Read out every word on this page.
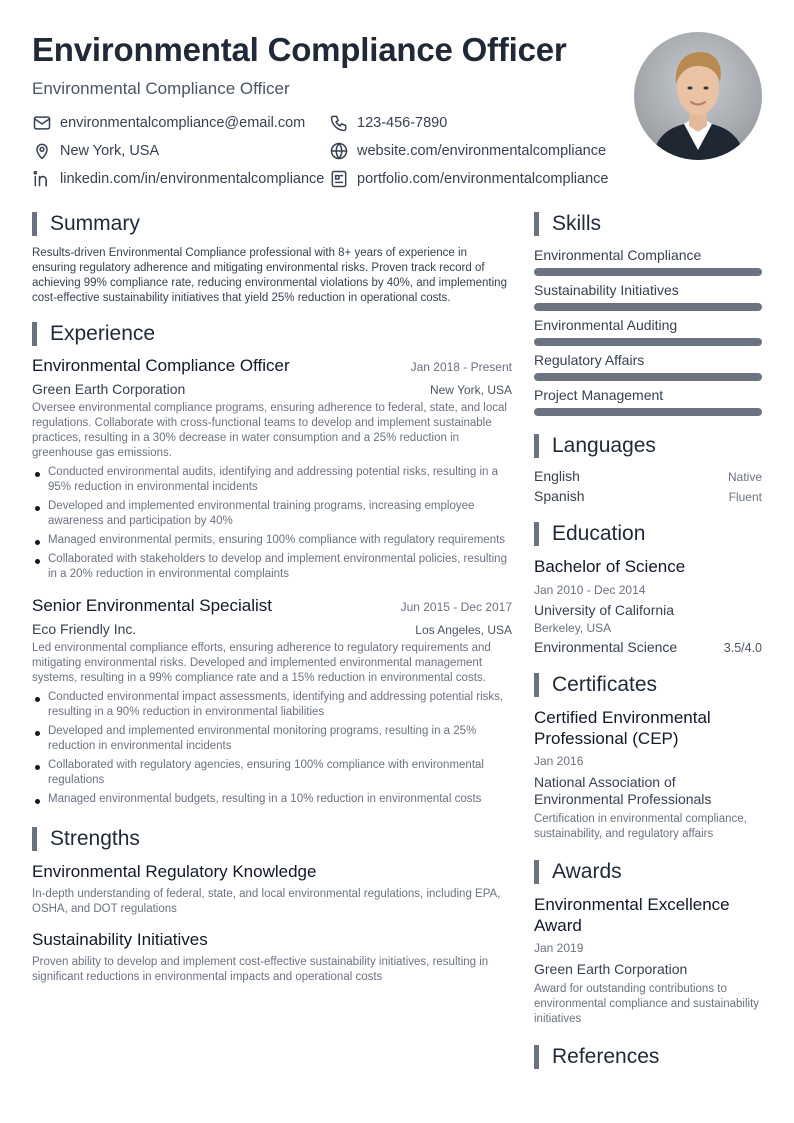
Environmental Compliance Officer
Environmental Compliance Officer
environmentalcompliance@email.com	123-456-7890
New York, USA	website.com/environmentalcompliance
linkedin.com/in/environmentalcompliance portfolio.com/environmentalcompliance
Summary
Results-driven Environmental Compliance professional with 8+ years of experience in ensuring regulatory adherence and mitigating environmental risks. Proven track record of achieving 99% compliance rate, reducing environmental violations by 40%, and implementing cost-effective sustainability initiatives that yield 25% reduction in operational costs.
Experience
Environmental Compliance Officer	Jan 2018 - Present
Green Earth Corporation	New York, USA
Oversee environmental compliance programs, ensuring adherence to federal, state, and local regulations. Collaborate with cross-functional teams to develop and implement sustainable practices, resulting in a 30% decrease in water consumption and a 25% reduction in greenhouse gas emissions.
Conducted environmental audits, identifying and addressing potential risks, resulting in a 95% reduction in environmental incidents
Developed and implemented environmental training programs, increasing employee awareness and participation by 40%
Managed environmental permits, ensuring 100% compliance with regulatory requirements
Collaborated with stakeholders to develop and implement environmental policies, resulting in a 20% reduction in environmental complaints
Senior Environmental Specialist	Jun 2015 - Dec 2017
Eco Friendly Inc.	Los Angeles, USA
Led environmental compliance efforts, ensuring adherence to regulatory requirements and mitigating environmental risks. Developed and implemented environmental management systems, resulting in a 99% compliance rate and a 15% reduction in environmental costs.
Conducted environmental impact assessments, identifying and addressing potential risks, resulting in a 90% reduction in environmental liabilities
Developed and implemented environmental monitoring programs, resulting in a 25% reduction in environmental incidents
Collaborated with regulatory agencies, ensuring 100% compliance with environmental regulations
Managed environmental budgets, resulting in a 10% reduction in environmental costs
Strengths
Environmental Regulatory Knowledge
In-depth understanding of federal, state, and local environmental regulations, including EPA, OSHA, and DOT regulations
Sustainability Initiatives
Proven ability to develop and implement cost-effective sustainability initiatives, resulting in significant reductions in environmental impacts and operational costs
Skills
Environmental Compliance
Sustainability Initiatives
Environmental Auditing
Regulatory Affairs
Project Management
Languages
English	Native
Spanish	Fluent
Education
Bachelor of Science
Jan 2010 - Dec 2014
University of California
Berkeley, USA
Environmental Science	3.5/4.0
Certificates
Certified Environmental Professional (CEP)
Jan 2016
National Association of Environmental Professionals
Certification in environmental compliance, sustainability, and regulatory affairs
Awards
Environmental Excellence Award
Jan 2019
Green Earth Corporation
Award for outstanding contributions to environmental compliance and sustainability initiatives
References
